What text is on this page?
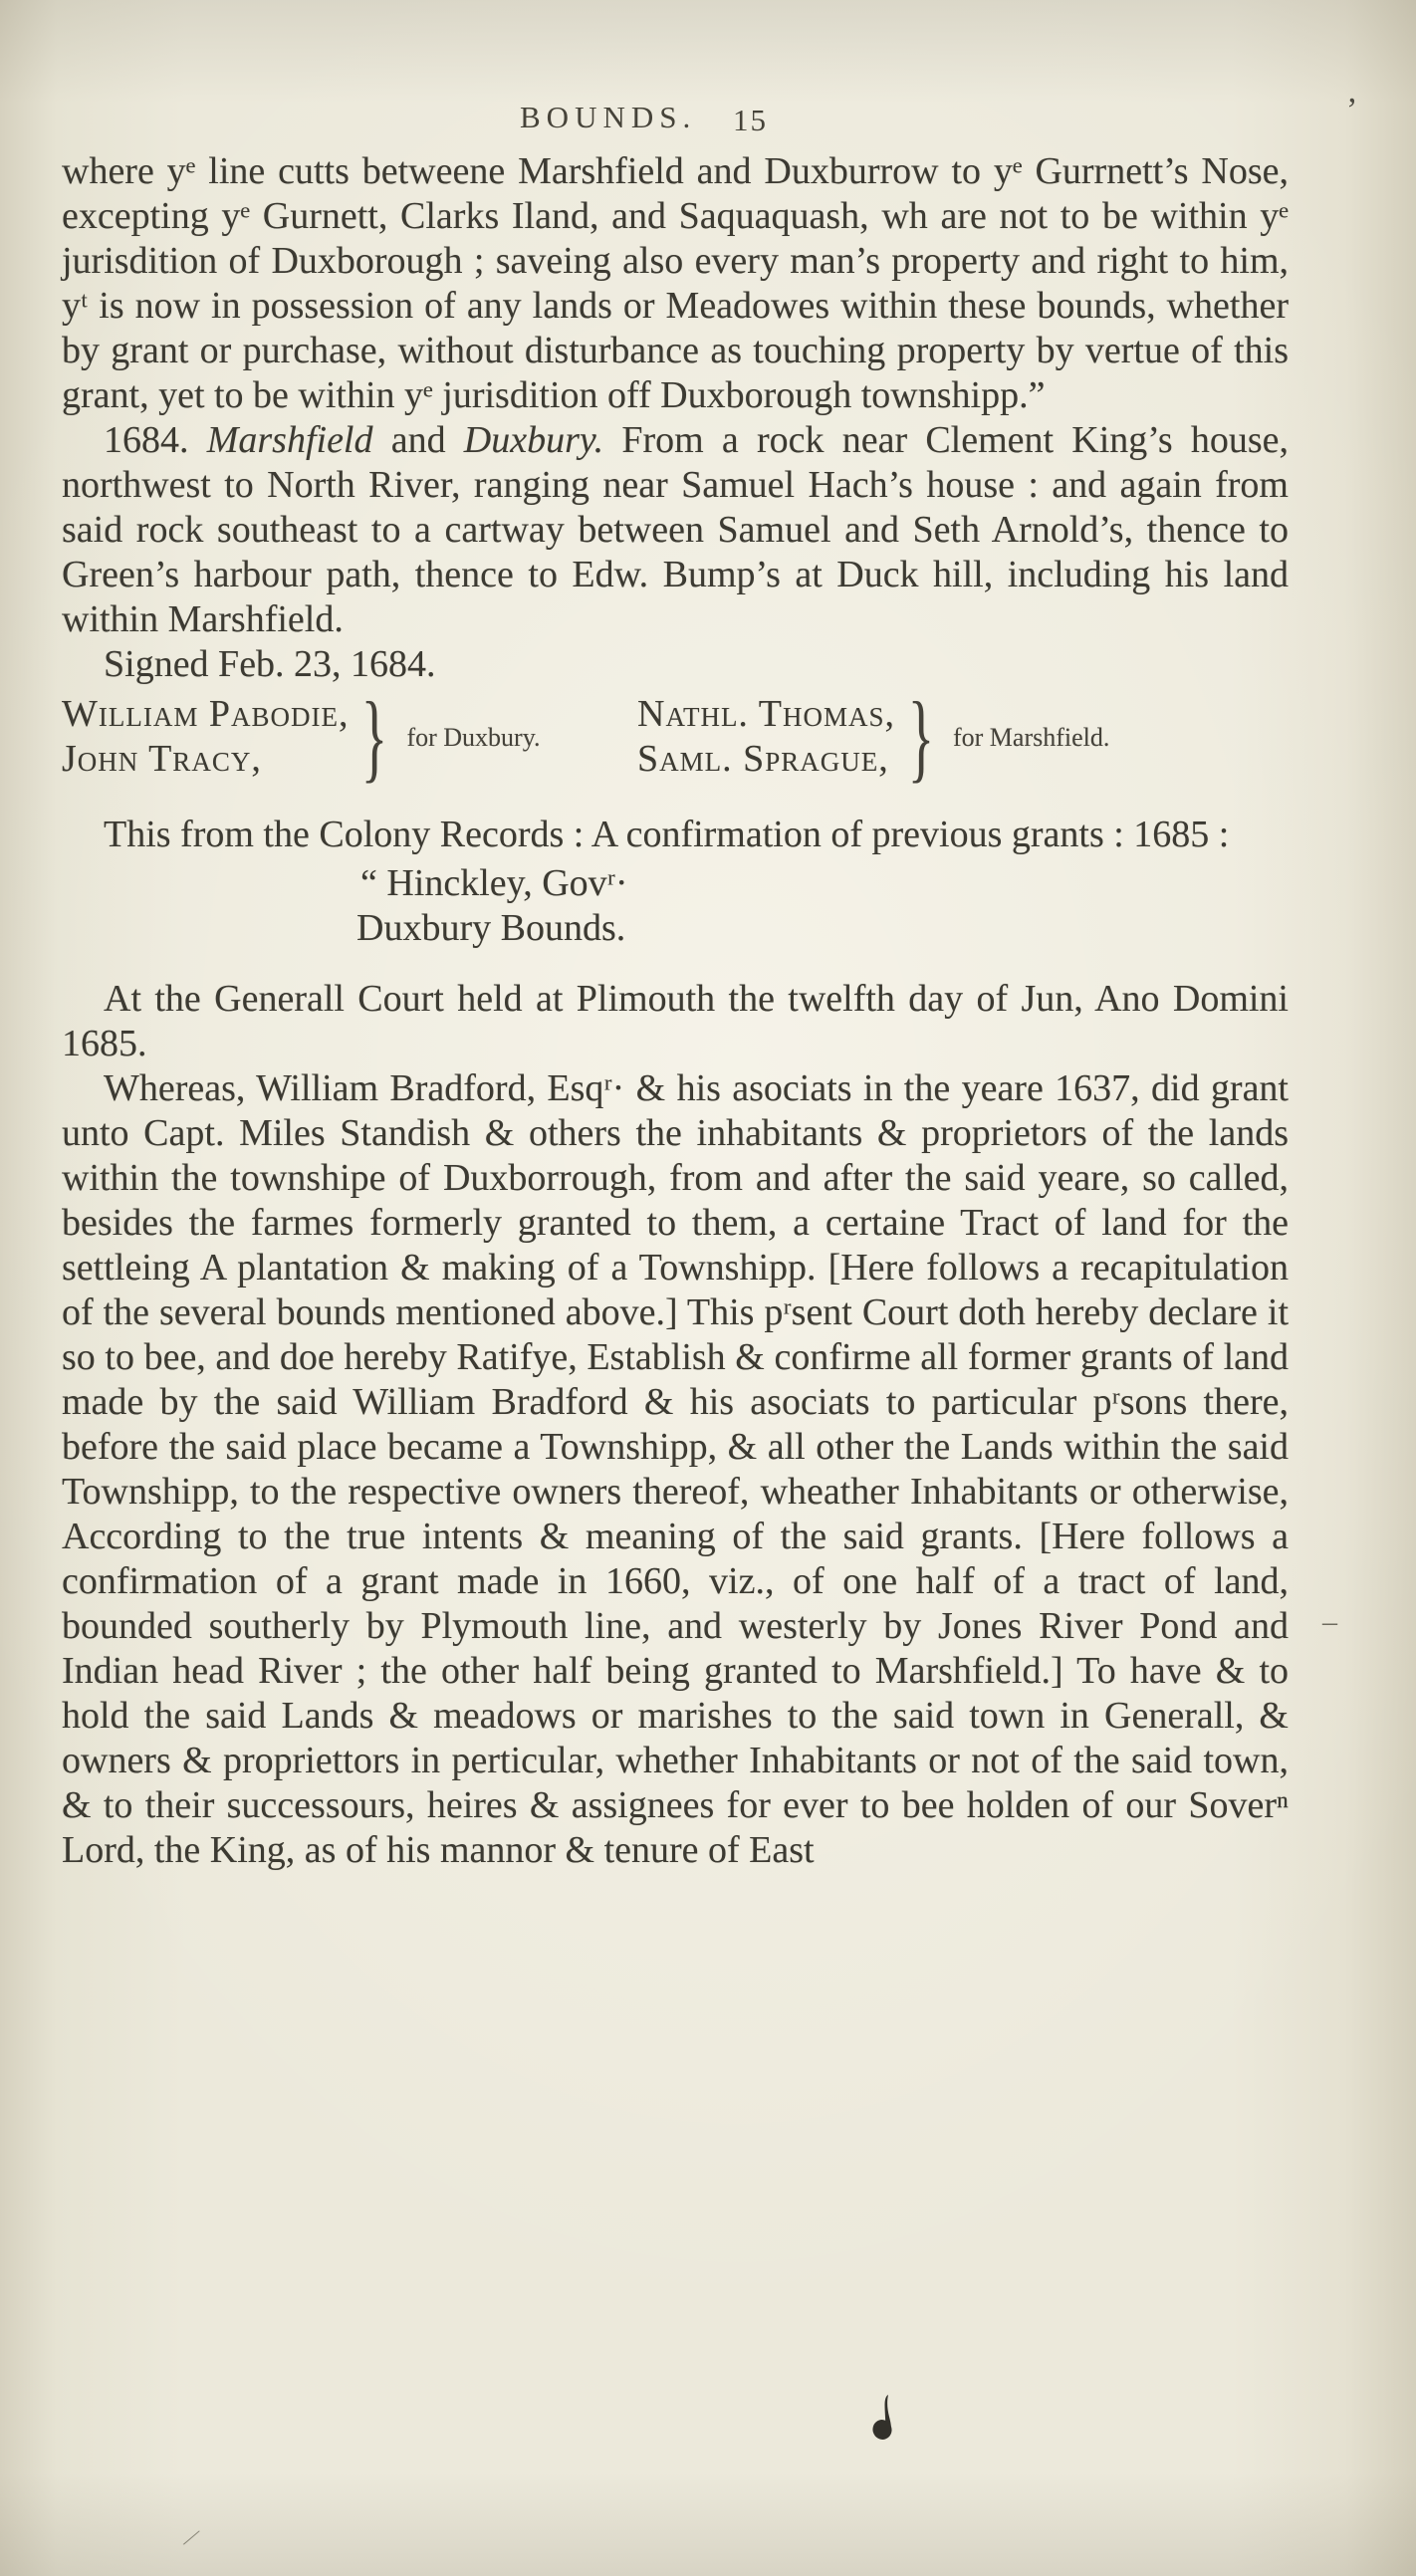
BOUNDS. 15

where yᵉ line cutts betweene Marshfield and Duxburrow to yᵉ Gurrnett’s Nose, excepting yᵉ Gurnett, Clarks Iland, and Saquaquash, wh are not to be within yᵉ jurisdition of Duxborough ; saveing also every man’s property and right to him, yᵗ is now in possession of any lands or Meadowes within these bounds, whether by grant or purchase, without disturbance as touching property by vertue of this grant, yet to be within yᵉ jurisdition off Duxborough townshipp.”

1684. Marshfield and Duxbury. From a rock near Clement King’s house, northwest to North River, ranging near Samuel Hach’s house : and again from said rock southeast to a cartway between Samuel and Seth Arnold’s, thence to Green’s harbour path, thence to Edw. Bump’s at Duck hill, including his land within Marshfield.

Signed Feb. 23, 1684.

William Pabodie,
John Tracy,	} for Duxbury.
Nathl. Thomas,
Saml. Sprague, } for Marshfield.

This from the Colony Records : A confirmation of previous grants : 1685 :

“ Hinckley, Govʳ·
Duxbury Bounds.

At the Generall Court held at Plimouth the twelfth day of Jun, Ano Domini 1685.

Whereas, William Bradford, Esqʳ· & his asociats in the yeare 1637, did grant unto Capt. Miles Standish & others the inhabitants & proprietors of the lands within the townshipe of Duxborrough, from and after the said yeare, so called, besides the farmes formerly granted to them, a certaine Tract of land for the settleing A plantation & making of a Townshipp. [Here follows a recapitulation of the several bounds mentioned above.] This pʳsent Court doth hereby declare it so to bee, and doe hereby Ratifye, Establish & confirme all former grants of land made by the said William Bradford & his asociats to particular pʳsons there, before the said place became a Townshipp, & all other the Lands within the said Townshipp, to the respective owners thereof, wheather Inhabitants or otherwise, According to the true intents & meaning of the said grants. [Here follows a confirmation of a grant made in 1660, viz., of one half of a tract of land, bounded southerly by Plymouth line, and westerly by Jones River Pond and Indian head River ; the other half being granted to Marshfield.] To have & to hold the said Lands & meadows or marishes to the said town in Generall, & owners & propriettors in perticular, whether Inhabitants or not of the said town, & to their successours, heires & assignees for ever to bee holden of our Soverⁿ Lord, the King, as of his mannor & tenure of East

’
–
∕
